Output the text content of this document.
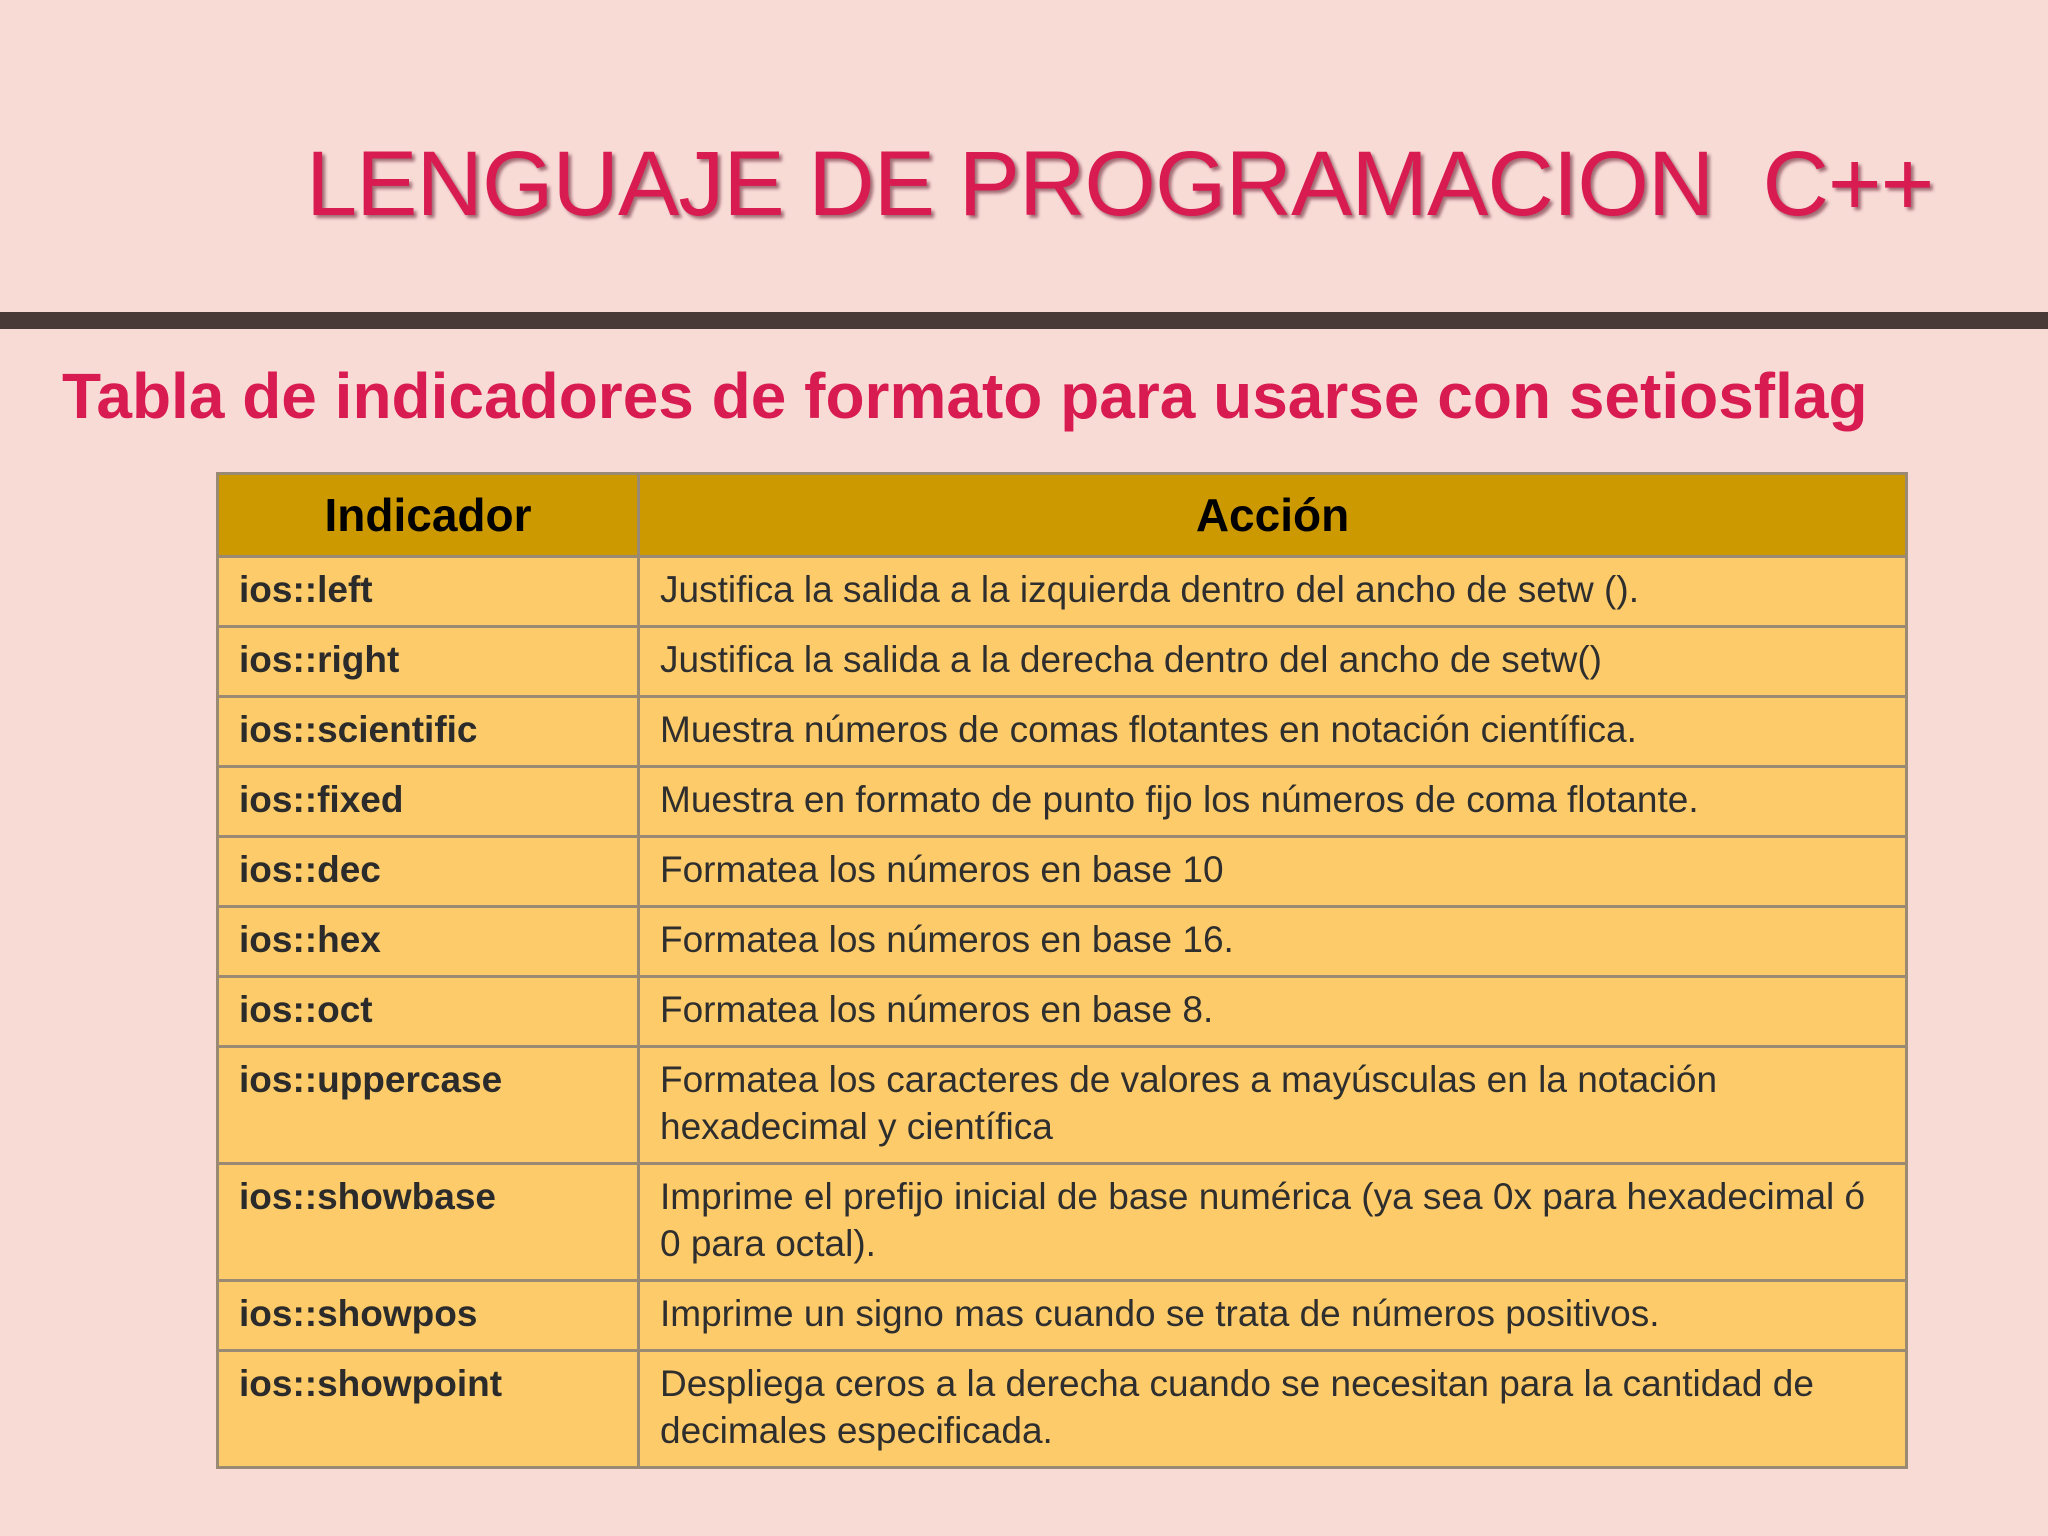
LENGUAJE DE PROGRAMACION  C++
Tabla de indicadores de formato para usarse con setiosflag
Indicador	Acción
ios::left	Justifica la salida a la izquierda dentro del ancho de setw ().
ios::right	Justifica la salida a la derecha dentro del ancho de setw()
ios::scientific	Muestra números de comas flotantes en notación científica.
ios::fixed	Muestra en formato de punto fijo los números de coma flotante.
ios::dec	Formatea los números en base 10
ios::hex	Formatea los números en base 16.
ios::oct	Formatea los números en base 8.
ios::uppercase	Formatea los caracteres de valores a mayúsculas en la notación hexadecimal y científica
ios::showbase	Imprime el prefijo inicial de base numérica (ya sea 0x para hexadecimal ó 0 para octal).
ios::showpos	Imprime un signo mas cuando se trata de números positivos.
ios::showpoint	Despliega ceros a la derecha cuando se necesitan para la cantidad de decimales especificada.
